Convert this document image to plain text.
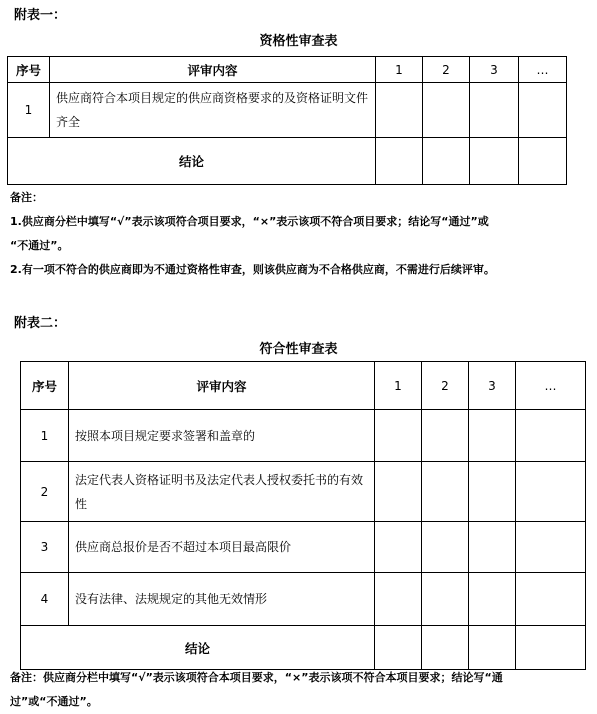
附表一：
资格性审查表
序号	评审内容	1	2	3	…
1	供应商符合本项目规定的供应商资格要求的及资格证明文件齐全				
结论					
备注：
1.供应商分栏中填写“√”表示该项符合项目要求，“×”表示该项不符合项目要求；结论写“通过”或
“不通过”。
2.有一项不符合的供应商即为不通过资格性审查，则该供应商为不合格供应商，不需进行后续评审。
附表二：
符合性审查表
序号	评审内容	1	2	3	…
1	按照本项目规定要求签署和盖章的				
2	法定代表人资格证明书及法定代表人授权委托书的有效性				
3	供应商总报价是否不超过本项目最高限价				
4	没有法律、法规规定的其他无效情形				
结论					
备注：供应商分栏中填写“√”表示该项符合本项目要求，“×”表示该项不符合本项目要求；结论写“通
过”或“不通过”。
